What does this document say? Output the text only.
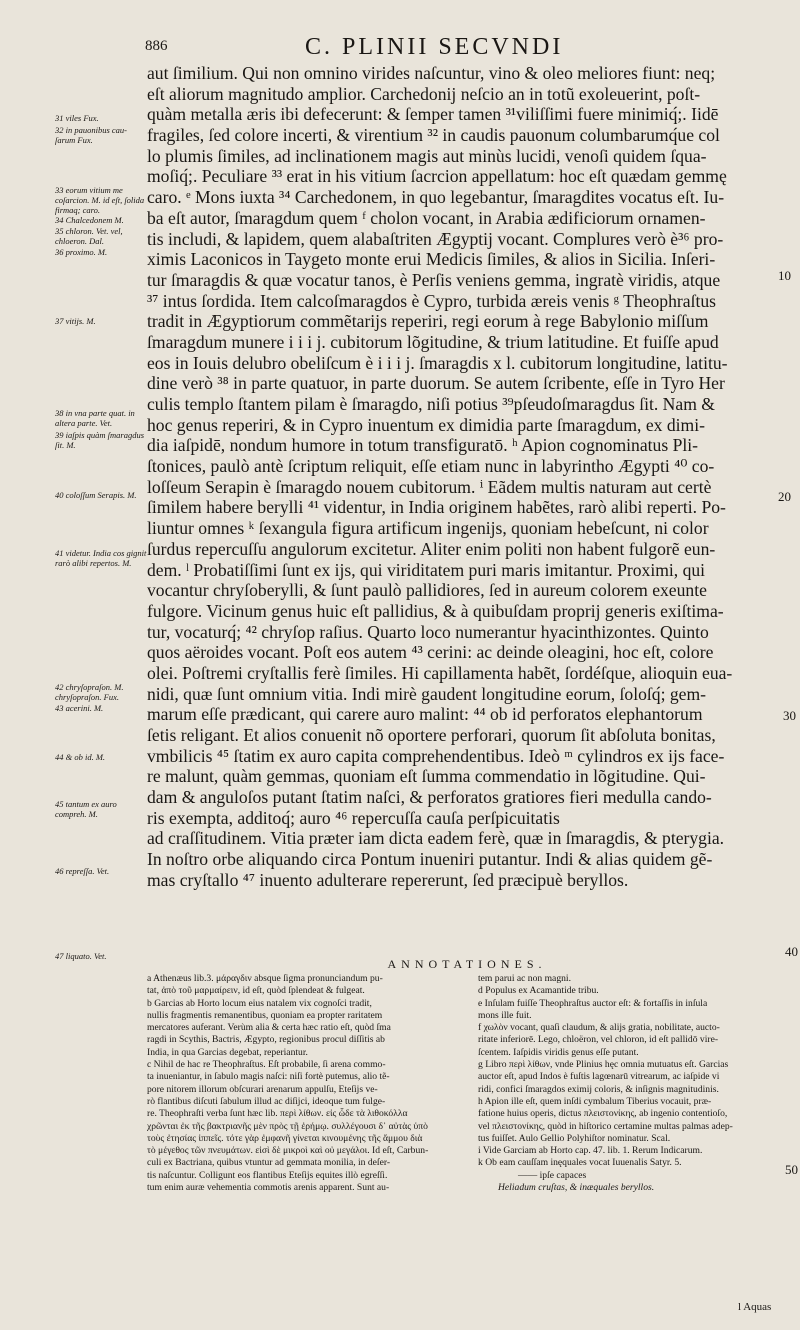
886	C. PLINII SECVNDI
31 viles Fux.
32 in pauonibus cau-ſarum Fux.
33 eorum vitium me coſarcion. M. id eſt, ſolida firmaq; caro.
34 Chalcedonem M.
35 chloron. Vet. vel, chloeron. Dal.
36 proximo. M.
37 vitijs. M.
38 in vna parte quat. in altera parte. Vet.
39 iaſpis quàm ſmaragdus ſit. M.
40 coloſſum Serapis. M.
41 videtur. India cos gignit rarò alibi repertos. M.
42 chryſopraſon. M. chryſopraſon. Fux.
43 acerini. M.
44 & ob id. M.
45 tantum ex auro compreh. M.
46 repreſſa. Vet.
47 liquato. Vet.
10
20
30
40
50
aut ſimilium. Qui non omnino virides naſcuntur, vino & oleo meliores fiunt: neq;
eſt aliorum magnitudo amplior. Carchedonij neſcio an in totũ exoleuerint, poſt-
quàm metalla æris ibi defecerunt: & ſemper tamen ³¹viliſſimi fuere minimiq́;. Iidē
fragiles, ſed colore incerti, & virentium ³² in caudis pauonum columbarumq́ue col
lo plumis ſimiles, ad inclinationem magis aut minùs lucidi, venoſi quidem ſqua-
moſiq́;. Peculiare ³³ erat in his vitium ſacrcion appellatum: hoc eſt quædam gemmę
caro. ᵉ Mons iuxta ³⁴ Carchedonem, in quo legebantur, ſmaragdites vocatus eſt. Iu-
ba eſt autor, ſmaragdum quem ᶠ cholon vocant, in Arabia ædificiorum ornamen-
tis includi, & lapidem, quem alabaſtriten Ægyptij vocant. Complures verò è³⁶ pro-
ximis Laconicos in Taygeto monte erui Medicis ſimiles, & alios in Sicilia. Inſeri-
tur ſmaragdis & quæ vocatur tanos, è Perſis veniens gemma, ingratè viridis, atque
³⁷ intus ſordida. Item calcoſmaragdos è Cypro, turbida æreis venis ᵍ Theophraſtus
tradit in Ægyptiorum commẽtarijs reperiri, regi eorum à rege Babylonio miſſum
ſmaragdum munere i i i j. cubitorum lõgitudine, & trium latitudine. Et fuiſſe apud
eos in Iouis delubro obeliſcum è i i i j. ſmaragdis x l. cubitorum longitudine, latitu-
dine verò ³⁸ in parte quatuor, in parte duorum. Se autem ſcribente, eſſe in Tyro Her
culis templo ſtantem pilam è ſmaragdo, niſi potius ³⁹pſeudoſmaragdus ſit. Nam &
hoc genus reperiri, & in Cypro inuentum ex dimidia parte ſmaragdum, ex dimi-
dia iaſpidē, nondum humore in totum transfiguratō. ʰ Apion cognominatus Pli-
ſtonices, paulò antè ſcriptum reliquit, eſſe etiam nunc in labyrintho Ægypti ⁴⁰ co-
loſſeum Serapin è ſmaragdo nouem cubitorum. ⁱ Eãdem multis naturam aut certè
ſimilem habere berylli ⁴¹ videntur, in India originem habẽtes, rarò alibi reperti. Po-
liuntur omnes ᵏ ſexangula figura artificum ingenijs, quoniam hebeſcunt, ni color
ſurdus repercuſſu angulorum excitetur. Aliter enim politi non habent fulgorẽ eun-
dem. ˡ Probatiſſimi ſunt ex ijs, qui viriditatem puri maris imitantur. Proximi, qui
vocantur chryſoberylli, & ſunt paulò pallidiores, ſed in aureum colorem exeunte
fulgore. Vicinum genus huic eſt pallidius, & à quibuſdam proprij generis exiſtima-
tur, vocaturq́; ⁴² chryſop raſius. Quarto loco numerantur hyacinthizontes. Quinto
quos aëroides vocant. Poſt eos autem ⁴³ cerini: ac deinde oleagini, hoc eſt, colore
olei. Poſtremi cryſtallis ferè ſimiles. Hi capillamenta habẽt, ſordéſque, alioquin eua-
nidi, quæ ſunt omnium vitia. Indi mirè gaudent longitudine eorum, ſoloſq́; gem-
marum eſſe prædicant, qui carere auro malint: ⁴⁴ ob id perforatos elephantorum
ſetis religant. Et alios conuenit nõ oportere perforari, quorum ſit abſoluta bonitas,
vmbilicis ⁴⁵ ſtatim ex auro capita comprehendentibus. Ideò ᵐ cylindros ex ijs face-
re malunt, quàm gemmas, quoniam eſt ſumma commendatio in lõgitudine. Qui-
dam & anguloſos putant ſtatim naſci, & perforatos gratiores fieri medulla cando-
ris exempta, additoq́; auro ⁴⁶ repercuſſa cauſa perſpicuitatis
ad craſſitudinem. Vitia præter iam dicta eadem ferè, quæ in ſmaragdis, & pterygia.
In noſtro orbe aliquando circa Pontum inueniri putantur. Indi & alias quidem gẽ-
mas cryſtallo ⁴⁷ inuento adulterare repererunt, ſed præcipuè beryllos.
ANNOTATIONES.
a Athenæus lib.3. μάραγδιν absque ſigma pronunciandum pu-
tat, ἀπὸ τοῦ μαρμαίρειν, id eſt, quòd ſplendeat & fulgeat.
b Garcias ab Horto locum eius natalem vix cognoſci tradit,
nullis fragmentis remanentibus, quoniam ea propter raritatem
mercatores auferant. Verùm alia & certa hæc ratio eſt, quòd ſma
ragdi in Scythis, Bactris, Ægypto, regionibus procul diſſitis ab
India, in qua Garcias degebat, reperiantur.
c Nihil de hac re Theophraſtus. Eſt probabile, ſi arena commo-
ta inueniantur, in ſabulo magis naſci: niſi fortè putemus, alio tẽ-
pore nitorem illorum obſcurari arenarum appulſu, Eteſijs ve-
rò flantibus diſcuti ſabulum illud ac diſijci, ideoque tum fulge-
re. Theophraſti verba ſunt hæc lib. περὶ λίθων. εἰς ὧδε τὰ λιθοκόλλα
χρῶνται ἐκ τῆς βακτριανῆς μὲν πρὸς τῇ ἐρήμῳ. συλλέγουσι δ᾽ αὐτὰς ὑπὸ
τοὺς ἐτησίας ἱππεῖς. τότε γὰρ ἐμφανῆ γίνεται κινουμένης τῆς ἄμμου διὰ
τὸ μέγεθος τῶν πνευμάτων. εἰσὶ δὲ μικροὶ καὶ οὐ μεγάλοι. Id eſt, Carbun-
culi ex Bactriana, quibus vtuntur ad gemmata monilia, in deſer-
tis naſcuntur. Colligunt eos flantibus Eteſijs equites illò egreſſi.
tum enim auræ vehementia commotis arenis apparent. Sunt au-
tem parui ac non magni.
d Populus ex Acamantide tribu.
e Inſulam fuiſſe Theophraſtus auctor eſt: & fortaſſis in inſula
mons ille fuit.
f χωλὸν vocant, quaſi claudum, & alijs gratia, nobilitate, aucto-
ritate inferiorē. Lego, chloëron, vel chloron, id eſt pallidō vire-
ſcentem. Iaſpidis viridis genus eſſe putant.
g Libro περὶ λίθων, vnde Plinius hęc omnia mutuatus eſt. Garcias
auctor eſt, apud Indos è fuſtis lagœnarū vitrearum, ac iaſpide vi
ridi, confici ſmaragdos eximij coloris, & inſignis magnitudinis.
h Apion ille eſt, quem inſdi cymbalum Tiberius vocauit, præ-
fatione huius operis, dictus πλειστονίκης, ab ingenio contentioſo,
vel πλειστονίκης, quòd in hiſtorico certamine multas palmas adep-
tus fuiſſet. Aulo Gellio Polyhiſtor nominatur. Scal.
i Vide Garciam ab Horto cap. 47. lib. 1. Rerum Indicarum.
k Ob eam cauſſam inęquales vocat Iuuenalis Satyr. 5.
—— ipſe capaces
Heliadum cruſtas, & inæquales beryllos.
l Aquas
